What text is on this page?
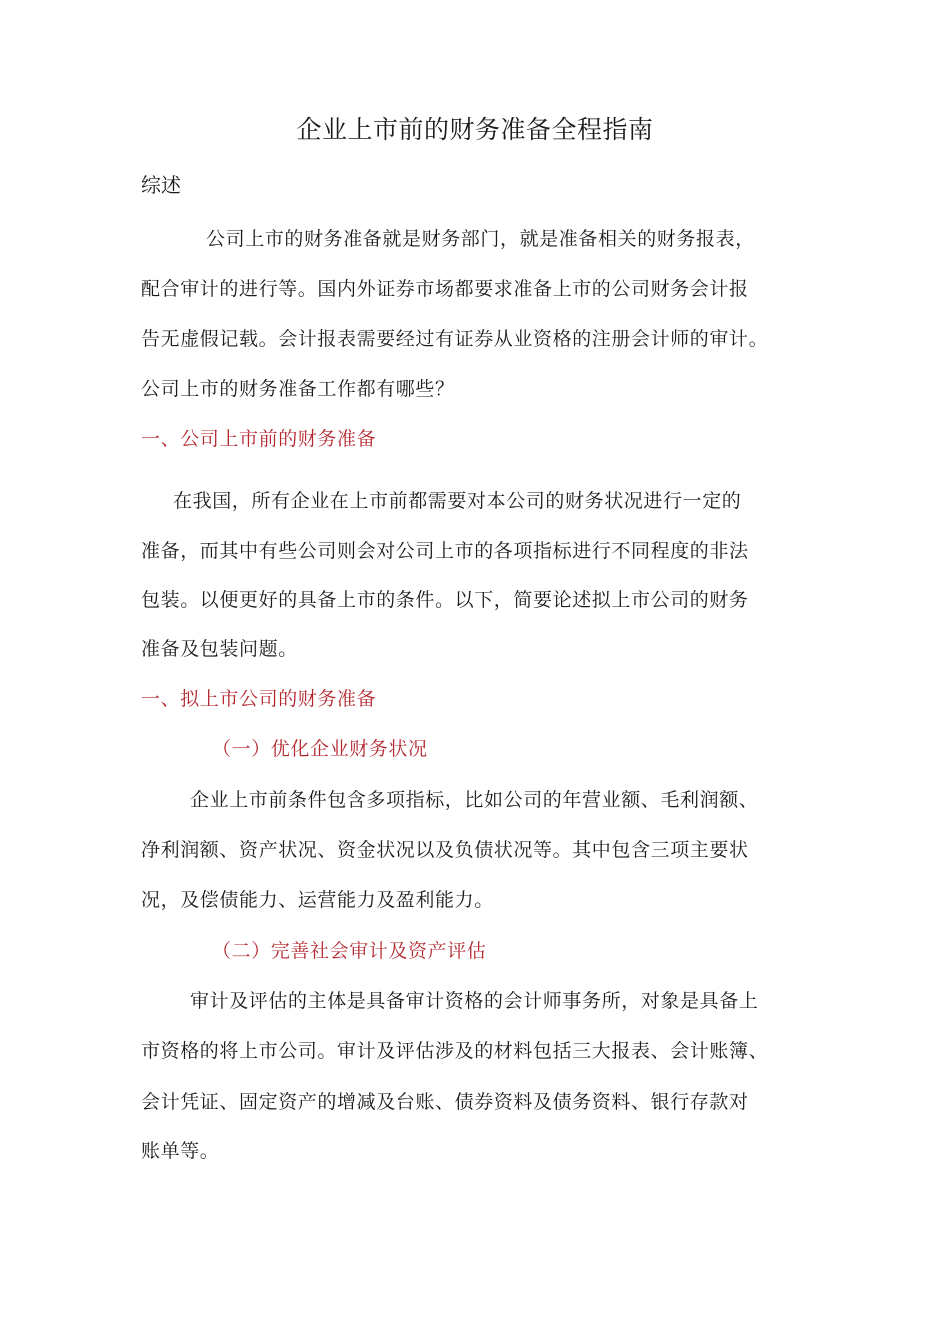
企业上市前的财务准备全程指南
综述
公司上市的财务准备就是财务部门，就是准备相关的财务报表，
配合审计的进行等。国内外证券市场都要求准备上市的公司财务会计报
告无虚假记载。会计报表需要经过有证券从业资格的注册会计师的审计。
公司上市的财务准备工作都有哪些？
一、公司上市前的财务准备
在我国，所有企业在上市前都需要对本公司的财务状况进行一定的
准备，而其中有些公司则会对公司上市的各项指标进行不同程度的非法
包装。以便更好的具备上市的条件。以下，简要论述拟上市公司的财务
准备及包装问题。
一、拟上市公司的财务准备
（一）优化企业财务状况
企业上市前条件包含多项指标，比如公司的年营业额、毛利润额、
净利润额、资产状况、资金状况以及负债状况等。其中包含三项主要状
况，及偿债能力、运营能力及盈利能力。
（二）完善社会审计及资产评估
审计及评估的主体是具备审计资格的会计师事务所，对象是具备上
市资格的将上市公司。审计及评估涉及的材料包括三大报表、会计账簿、
会计凭证、固定资产的增减及台账、债券资料及债务资料、银行存款对
账单等。
